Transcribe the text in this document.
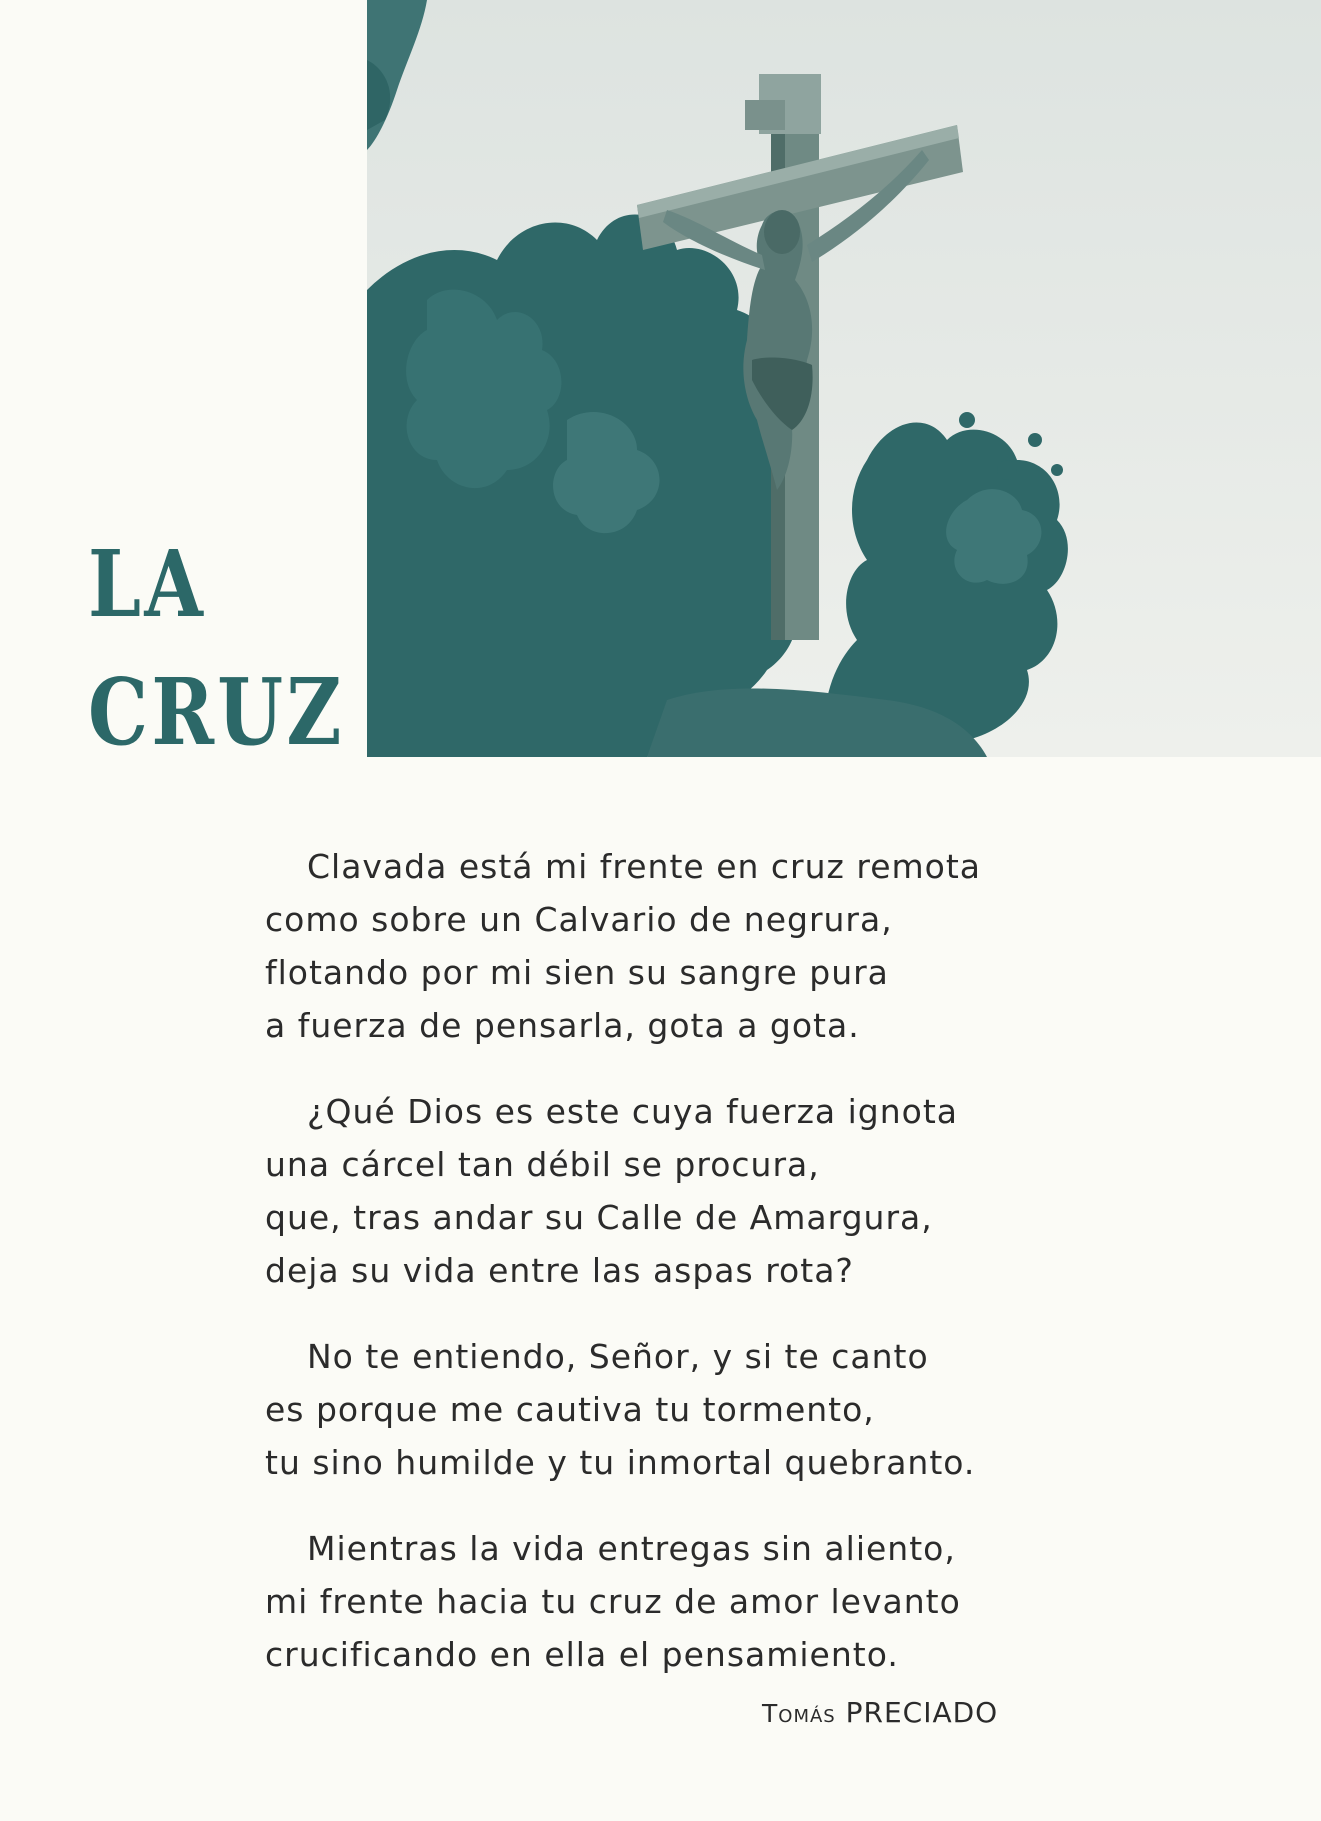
LA
CRUZ
Clavada está mi frente en cruz remota
como sobre un Calvario de negrura,
flotando por mi sien su sangre pura
a fuerza de pensarla, gota a gota.
¿Qué Dios es este cuya fuerza ignota
una cárcel tan débil se procura,
que, tras andar su Calle de Amargura,
deja su vida entre las aspas rota?
No te entiendo, Señor, y si te canto
es porque me cautiva tu tormento,
tu sino humilde y tu inmortal quebranto.
Mientras la vida entregas sin aliento,
mi frente hacia tu cruz de amor levanto
crucificando en ella el pensamiento.
Tomás PRECIADO
